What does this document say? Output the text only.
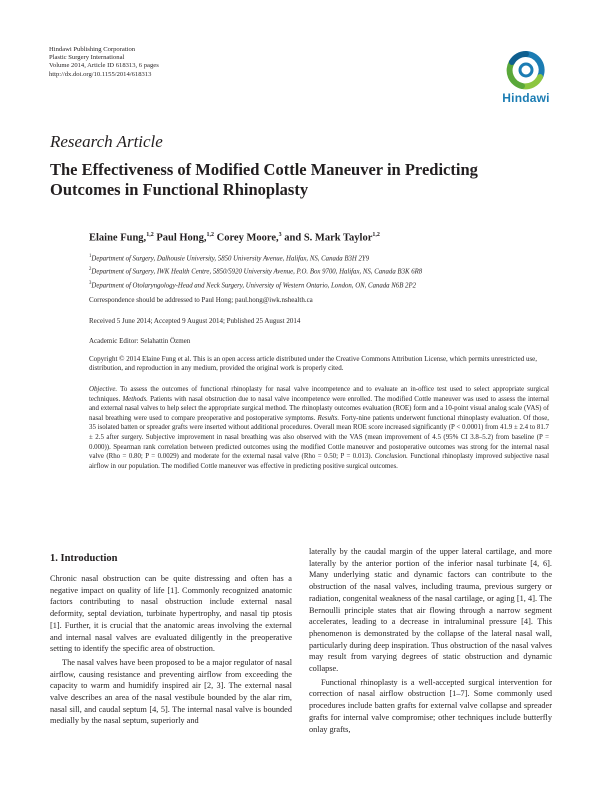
Hindawi Publishing Corporation
Plastic Surgery International
Volume 2014, Article ID 618313, 6 pages
http://dx.doi.org/10.1155/2014/618313
Hindawi
Research Article
The Effectiveness of Modified Cottle Maneuver in Predicting Outcomes in Functional Rhinoplasty
Elaine Fung,$^{1,2}$ Paul Hong,$^{1,2}$ Corey Moore,$^3$ and S. Mark Taylor$^{1,2}$
$^1$Department of Surgery, Dalhousie University, 5850 University Avenue, Halifax, NS, Canada B3H 2Y9
$^2$Department of Surgery, IWK Health Centre, 5850/5920 University Avenue, P.O. Box 9700, Halifax, NS, Canada B3K 6R8
$^3$Department of Otolaryngology-Head and Neck Surgery, University of Western Ontario, London, ON, Canada N6B 2P2
Correspondence should be addressed to Paul Hong; paul.hong@iwk.nshealth.ca
Received 5 June 2014; Accepted 9 August 2014; Published 25 August 2014
Academic Editor: Selahattin Özmen
Copyright © 2014 Elaine Fung et al. This is an open access article distributed under the Creative Commons Attribution License, which permits unrestricted use, distribution, and reproduction in any medium, provided the original work is properly cited.
Objective. To assess the outcomes of functional rhinoplasty for nasal valve incompetence and to evaluate an in-office test used to select appropriate surgical techniques. Methods. Patients with nasal obstruction due to nasal valve incompetence were enrolled. The modified Cottle maneuver was used to assess the internal and external nasal valves to help select the appropriate surgical method. The rhinoplasty outcomes evaluation (ROE) form and a 10-point visual analog scale (VAS) of nasal breathing were used to compare preoperative and postoperative symptoms. Results. Forty-nine patients underwent functional rhinoplasty evaluation. Of those, 35 isolated batten or spreader grafts were inserted without additional procedures. Overall mean ROE score increased significantly (P < 0.0001) from 41.9 ± 2.4 to 81.7 ± 2.5 after surgery. Subjective improvement in nasal breathing was also observed with the VAS (mean improvement of 4.5 (95% CI 3.8–5.2) from baseline (P = 0.000)). Spearman rank correlation between predicted outcomes using the modified Cottle maneuver and postoperative outcomes was strong for the internal nasal valve (Rho = 0.80; P = 0.0029) and moderate for the external nasal valve (Rho = 0.50; P = 0.013). Conclusion. Functional rhinoplasty improved subjective nasal airflow in our population. The modified Cottle maneuver was effective in predicting positive surgical outcomes.
1. Introduction

Chronic nasal obstruction can be quite distressing and often has a negative impact on quality of life [1]. Commonly recognized anatomic factors contributing to nasal obstruction include external nasal deformity, septal deviation, turbinate hypertrophy, and nasal tip ptosis [1]. Further, it is crucial that the anatomic areas involving the external and internal nasal valves are evaluated diligently in the preoperative setting to identify the specific area of obstruction.

The nasal valves have been proposed to be a major regulator of nasal airflow, causing resistance and preventing airflow from exceeding the capacity to warm and humidify inspired air [2, 3]. The external nasal valve describes an area of the nasal vestibule bounded by the alar rim, nasal sill, and caudal septum [4, 5]. The internal nasal valve is bounded medially by the nasal septum, superiorly and

laterally by the caudal margin of the upper lateral cartilage, and more laterally by the anterior portion of the inferior nasal turbinate [4, 6]. Many underlying static and dynamic factors can contribute to the obstruction of the nasal valves, including trauma, previous surgery or radiation, congenital weakness of the nasal cartilage, or aging [1, 4]. The Bernoulli principle states that air flowing through a narrow segment accelerates, leading to a decrease in intraluminal pressure [4]. This phenomenon is demonstrated by the collapse of the lateral nasal wall, particularly during deep inspiration. Thus obstruction of the nasal valves may result from varying degrees of static obstruction and dynamic collapse.

Functional rhinoplasty is a well-accepted surgical intervention for correction of nasal airflow obstruction [1–7]. Some commonly used procedures include batten grafts for external valve collapse and spreader grafts for internal valve compromise; other techniques include butterfly onlay grafts,
